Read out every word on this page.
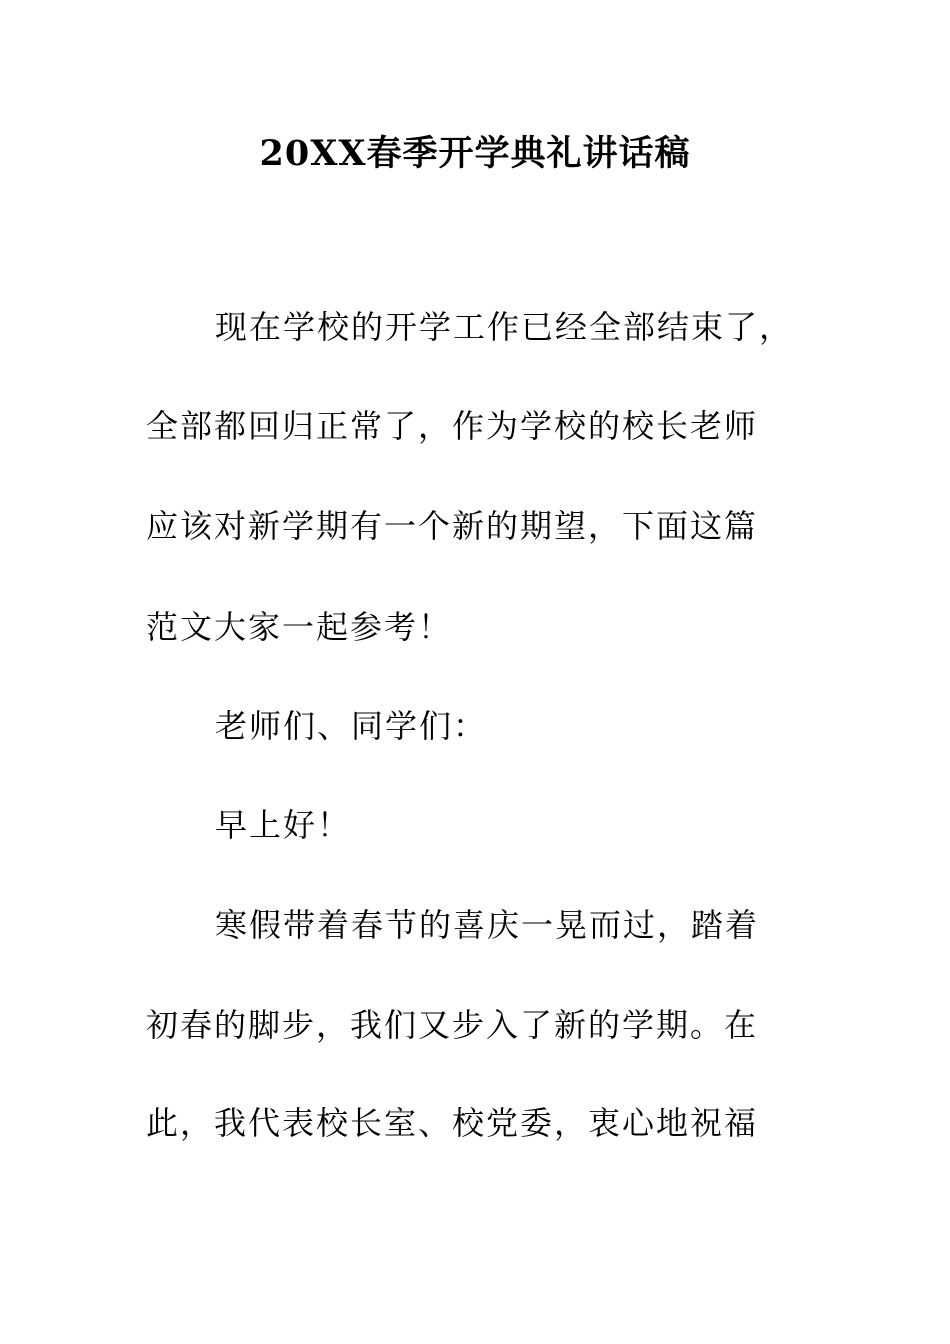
20XX春季开学典礼讲话稿
现在学校的开学工作已经全部结束了，
全部都回归正常了，作为学校的校长老师
应该对新学期有一个新的期望，下面这篇
范文大家一起参考！
老师们、同学们：
早上好！
寒假带着春节的喜庆一晃而过，踏着
初春的脚步，我们又步入了新的学期。在
此，我代表校长室、校党委，衷心地祝福
